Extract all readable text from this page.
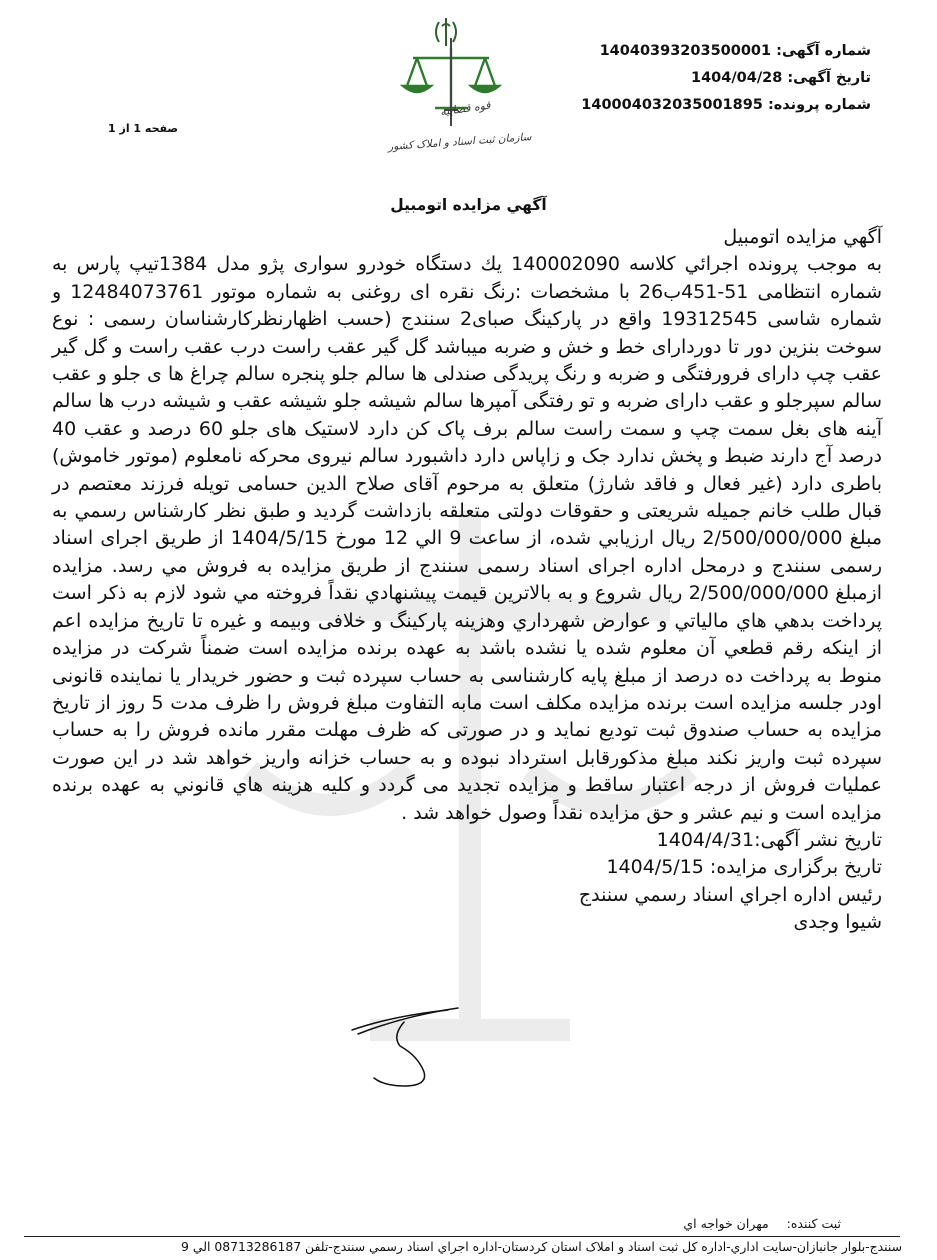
قوه قضاییه
سازمان ثبت اسناد و املاک کشور
شماره آگهی: 14040393203500001
تاریخ آگهی: 1404/04/28
شماره پرونده: 140004032035001895
صفحه 1 از 1
آگهي مزايده اتومبيل
آگهي مزايده اتومبيل
به موجب پرونده اجرائي كلاسه 140002090 يك دستگاه خودرو سواری پژو مدل 1384تیپ پارس به شماره انتظامی 51-451ب26 با مشخصات :رنگ نقره ای روغنی به شماره موتور 12484073761 و شماره شاسی 19312545 واقع در پارکینگ صبای2 سنندج (حسب اظهارنظرکارشناسان رسمی : نوع سوخت بنزین دور تا دوردارای خط و خش و ضربه میباشد گل گیر عقب راست درب عقب راست و گل گیر عقب چپ دارای فرورفتگی و ضربه و رنگ پریدگی صندلی ها سالم جلو پنجره سالم چراغ ها ی جلو و عقب سالم سپرجلو و عقب دارای ضربه و تو رفتگی آمپرها سالم شیشه جلو شیشه عقب و شیشه درب ها سالم آینه های بغل سمت چپ و سمت راست سالم برف پاک کن دارد لاستیک های جلو 60 درصد و عقب 40 درصد آج دارند ضبط و پخش ندارد جک و زاپاس دارد داشبورد سالم نیروی محرکه نامعلوم (موتور خاموش) باطری دارد (غیر فعال و فاقد شارژ) متعلق به مرحوم آقای صلاح الدین حسامی تویله فرزند معتصم در قبال طلب خانم جمیله شریعتی و حقوقات دولتی متعلقه بازداشت گردید و طبق نظر كارشناس رسمي به مبلغ 2/500/000/000 ريال ارزيابي شده، از ساعت 9 الي 12 مورخ 1404/5/15 از طريق اجراى اسناد رسمى سنندج و درمحل اداره اجرای اسناد رسمی سنندج از طريق مزايده به فروش مي رسد. مزايده ازمبلغ 2/500/000/000 ريال شروع و به بالاترين قيمت پيشنهادي نقداً فروخته مي شود لازم به ذكر است پرداخت بدهي هاي مالياتي و عوارض شهرداري وهزينه پاركينگ و خلافی وبیمه و غيره تا تاريخ مزايده اعم از اينكه رقم قطعي آن معلوم شده يا نشده باشد به عهده برنده مزايده است ضمناً شركت در مزايده منوط به پرداخت ده درصد از مبلغ پايه كارشناسی به حساب سپرده ثبت و حضور خريدار يا نماينده قانونی اودر جلسه مزايده است برنده مزايده مكلف است مابه التفاوت مبلغ فروش را ظرف مدت 5 روز از تاريخ مزايده به حساب صندوق ثبت توديع نمايد و در صورتی كه ظرف مهلت مقرر مانده فروش را به حساب سپرده ثبت واريز نكند مبلغ مذكورقابل استرداد نبوده و به حساب خزانه واريز خواهد شد در اين صورت عمليات فروش از درجه اعتبار ساقط و مزايده تجديد می گردد و كليه هزينه هاي قانوني به عهده برنده مزايده است و نيم عشر و حق مزايده نقداً وصول خواهد شد .
تاریخ نشر آگهی:1404/4/31
تاریخ برگزاری مزایده: 1404/5/15
رئيس اداره اجراي اسناد رسمي سنندج
شيوا وجدی
ثبت کننده: مهران خواجه اي
سنندج-بلوار جانبازان-سايت اداري-اداره کل ثبت اسناد و املاک استان کردستان-اداره اجراي اسناد رسمي سنندج-تلفن 08713286187 الي 9
